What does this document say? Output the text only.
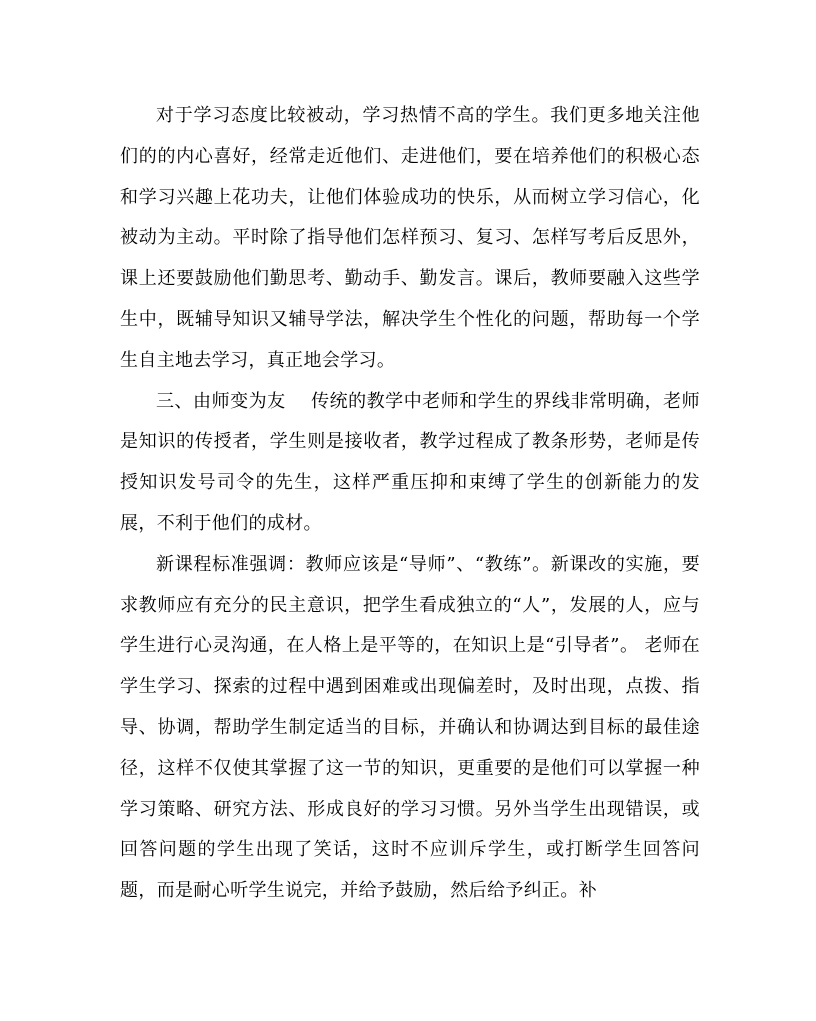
对于学习态度比较被动，学习热情不高的学生。我们更多地关注他们的的内心喜好，经常走近他们、走进他们，要在培养他们的积极心态和学习兴趣上花功夫，让他们体验成功的快乐，从而树立学习信心，化被动为主动。平时除了指导他们怎样预习、复习、怎样写考后反思外，课上还要鼓励他们勤思考、勤动手、勤发言。课后，教师要融入这些学生中，既辅导知识又辅导学法，解决学生个性化的问题，帮助每一个学生自主地去学习，真正地会学习。

三、由师变为友 传统的教学中老师和学生的界线非常明确，老师是知识的传授者，学生则是接收者，教学过程成了教条形势，老师是传授知识发号司令的先生，这样严重压抑和束缚了学生的创新能力的发展，不利于他们的成材。

新课程标准强调：教师应该是“导师”、“教练”。新课改的实施，要求教师应有充分的民主意识，把学生看成独立的“人”，发展的人，应与学生进行心灵沟通，在人格上是平等的，在知识上是“引导者”。 老师在学生学习、探索的过程中遇到困难或出现偏差时，及时出现，点拨、指导、协调，帮助学生制定适当的目标，并确认和协调达到目标的最佳途径，这样不仅使其掌握了这一节的知识，更重要的是他们可以掌握一种学习策略、研究方法、形成良好的学习习惯。另外当学生出现错误，或回答问题的学生出现了笑话，这时不应训斥学生，或打断学生回答问题，而是耐心听学生说完，并给予鼓励，然后给予纠正。补
